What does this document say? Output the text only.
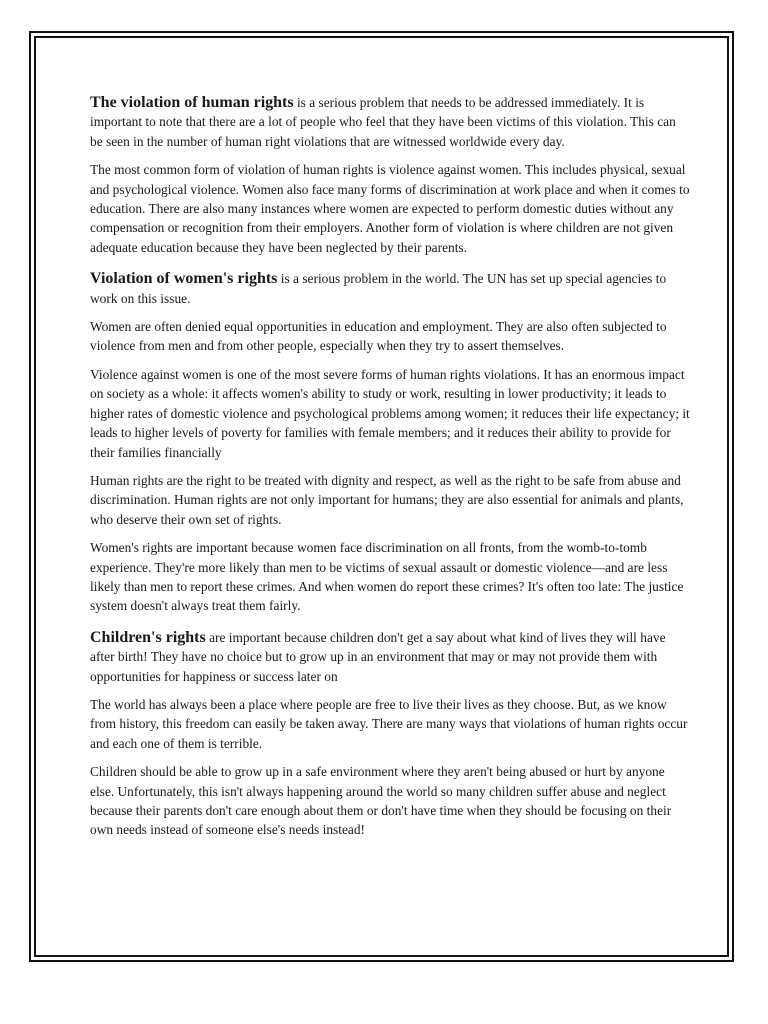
The violation of human rights is a serious problem that needs to be addressed immediately. It is important to note that there are a lot of people who feel that they have been victims of this violation. This can be seen in the number of human right violations that are witnessed worldwide every day.

The most common form of violation of human rights is violence against women. This includes physical, sexual and psychological violence. Women also face many forms of discrimination at work place and when it comes to education. There are also many instances where women are expected to perform domestic duties without any compensation or recognition from their employers. Another form of violation is where children are not given adequate education because they have been neglected by their parents.

Violation of women's rights is a serious problem in the world. The UN has set up special agencies to work on this issue.

Women are often denied equal opportunities in education and employment. They are also often subjected to violence from men and from other people, especially when they try to assert themselves.

Violence against women is one of the most severe forms of human rights violations. It has an enormous impact on society as a whole: it affects women's ability to study or work, resulting in lower productivity; it leads to higher rates of domestic violence and psychological problems among women; it reduces their life expectancy; it leads to higher levels of poverty for families with female members; and it reduces their ability to provide for their families financially

Human rights are the right to be treated with dignity and respect, as well as the right to be safe from abuse and discrimination. Human rights are not only important for humans; they are also essential for animals and plants, who deserve their own set of rights.

Women's rights are important because women face discrimination on all fronts, from the womb-to-tomb experience. They're more likely than men to be victims of sexual assault or domestic violence—and are less likely than men to report these crimes. And when women do report these crimes? It's often too late: The justice system doesn't always treat them fairly.

Children's rights are important because children don't get a say about what kind of lives they will have after birth! They have no choice but to grow up in an environment that may or may not provide them with opportunities for happiness or success later on

The world has always been a place where people are free to live their lives as they choose. But, as we know from history, this freedom can easily be taken away. There are many ways that violations of human rights occur and each one of them is terrible.

Children should be able to grow up in a safe environment where they aren't being abused or hurt by anyone else. Unfortunately, this isn't always happening around the world so many children suffer abuse and neglect because their parents don't care enough about them or don't have time when they should be focusing on their own needs instead of someone else's needs instead!
